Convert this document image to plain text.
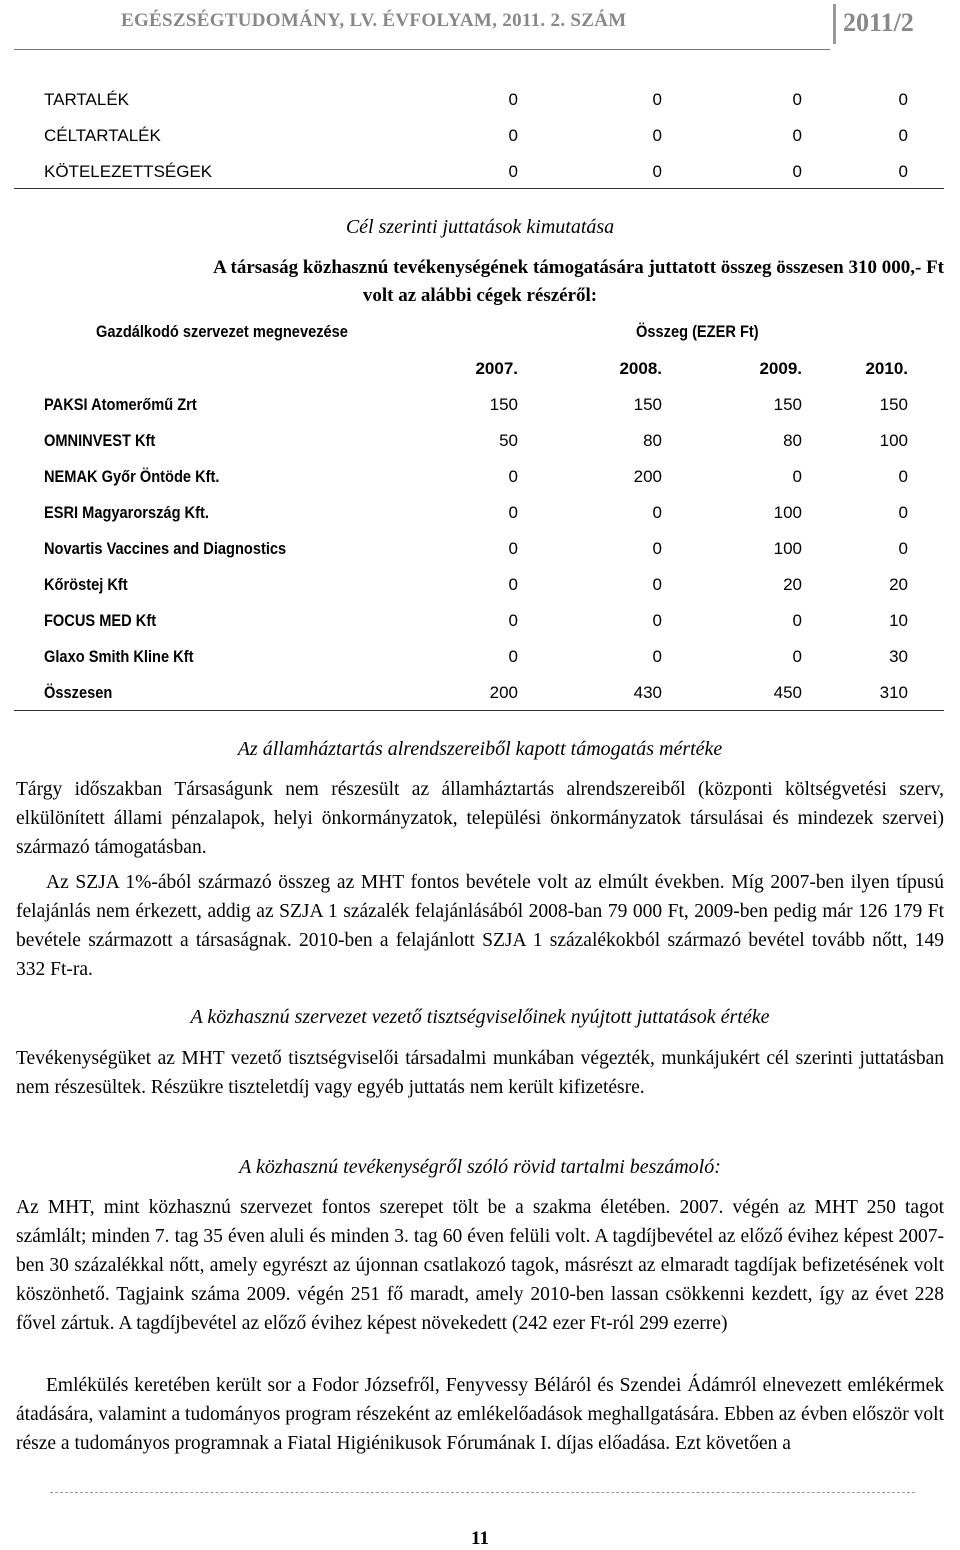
EGÉSZSÉGTUDOMÁNY, LV. ÉVFOLYAM, 2011. 2. SZÁM	2011/2
TARTALÉK	0	0	0	0
CÉLTARTALÉK	0	0	0	0
KÖTELEZETTSÉGEK	0	0	0	0
Cél szerinti juttatások kimutatása
A társaság közhasznú tevékenységének támogatására juttatott összeg összesen 310 000,- Ft
volt az alábbi cégek részéről:
Gazdálkodó szervezet megnevezése	Összeg (EZER Ft)
2007.	2008.	2009.	2010.
PAKSI Atomerőmű Zrt	150	150	150	150
OMNINVEST Kft	50	80	80	100
NEMAK Győr Öntöde Kft.	0	200	0	0
ESRI Magyarország Kft.	0	0	100	0
Novartis Vaccines and Diagnostics	0	0	100	0
Kőröstej Kft	0	0	20	20
FOCUS MED Kft	0	0	0	10
Glaxo Smith Kline Kft	0	0	0	30
Összesen	200	430	450	310
Az államháztartás alrendszereiből kapott támogatás mértéke
Tárgy időszakban Társaságunk nem részesült az államháztartás alrendszereiből (központi költségvetési szerv, elkülönített állami pénzalapok, helyi önkormányzatok, települési önkormányzatok társulásai és mindezek szervei) származó támogatásban.
Az SZJA 1%-ából származó összeg az MHT fontos bevétele volt az elmúlt években. Míg 2007-ben ilyen típusú felajánlás nem érkezett, addig az SZJA 1 százalék felajánlásából 2008-ban 79 000 Ft, 2009-ben pedig már 126 179 Ft bevétele származott a társaságnak. 2010-ben a felajánlott SZJA 1 százalékokból származó bevétel tovább nőtt, 149 332 Ft-ra.
A közhasznú szervezet vezető tisztségviselőinek nyújtott juttatások értéke
Tevékenységüket az MHT vezető tisztségviselői társadalmi munkában végezték, munkájukért cél szerinti juttatásban nem részesültek. Részükre tiszteletdíj vagy egyéb juttatás nem került kifizetésre.
A közhasznú tevékenységről szóló rövid tartalmi beszámoló:
Az MHT, mint közhasznú szervezet fontos szerepet tölt be a szakma életében. 2007. végén az MHT 250 tagot számlált; minden 7. tag 35 éven aluli és minden 3. tag 60 éven felüli volt. A tagdíjbevétel az előző évihez képest 2007-ben 30 százalékkal nőtt, amely egyrészt az újonnan csatlakozó tagok, másrészt az elmaradt tagdíjak befizetésének volt köszönhető. Tagjaink száma 2009. végén 251 fő maradt, amely 2010-ben lassan csökkenni kezdett, így az évet 228 fővel zártuk. A tagdíjbevétel az előző évihez képest növekedett (242 ezer Ft-ról 299 ezerre)
Emlékülés keretében került sor a Fodor Józsefről, Fenyvessy Béláról és Szendei Ádámról elnevezett emlékérmek átadására, valamint a tudományos program részeként az emlékelőadások meghallgatására. Ebben az évben először volt része a tudományos programnak a Fiatal Higiénikusok Fórumának I. díjas előadása. Ezt követően a
11
